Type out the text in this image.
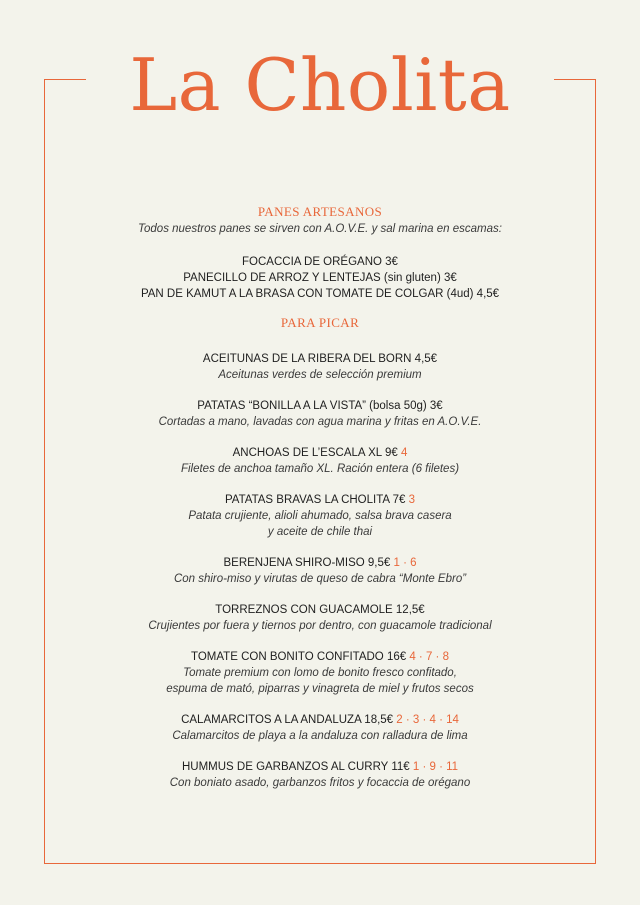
La Cholita
PANES ARTESANOS
Todos nuestros panes se sirven con A.O.V.E. y sal marina en escamas:
FOCACCIA DE ORÉGANO 3€
PANECILLO DE ARROZ Y LENTEJAS (sin gluten) 3€
PAN DE KAMUT A LA BRASA CON TOMATE DE COLGAR (4ud) 4,5€
PARA PICAR
ACEITUNAS DE LA RIBERA DEL BORN 4,5€
Aceitunas verdes de selección premium
PATATAS “BONILLA A LA VISTA” (bolsa 50g) 3€
Cortadas a mano, lavadas con agua marina y fritas en A.O.V.E.
ANCHOAS DE L’ESCALA XL 9€ 4
Filetes de anchoa tamaño XL. Ración entera (6 filetes)
PATATAS BRAVAS LA CHOLITA 7€ 3
Patata crujiente, alioli ahumado, salsa brava casera
y aceite de chile thai
BERENJENA SHIRO-MISO 9,5€ 1 · 6
Con shiro-miso y virutas de queso de cabra “Monte Ebro”
TORREZNOS CON GUACAMOLE 12,5€
Crujientes por fuera y tiernos por dentro, con guacamole tradicional
TOMATE CON BONITO CONFITADO 16€ 4 · 7 · 8
Tomate premium con lomo de bonito fresco confitado,
espuma de mató, piparras y vinagreta de miel y frutos secos
CALAMARCITOS A LA ANDALUZA 18,5€ 2 · 3 · 4 · 14
Calamarcitos de playa a la andaluza con ralladura de lima
HUMMUS DE GARBANZOS AL CURRY 11€ 1 · 9 · 11
Con boniato asado, garbanzos fritos y focaccia de orégano
